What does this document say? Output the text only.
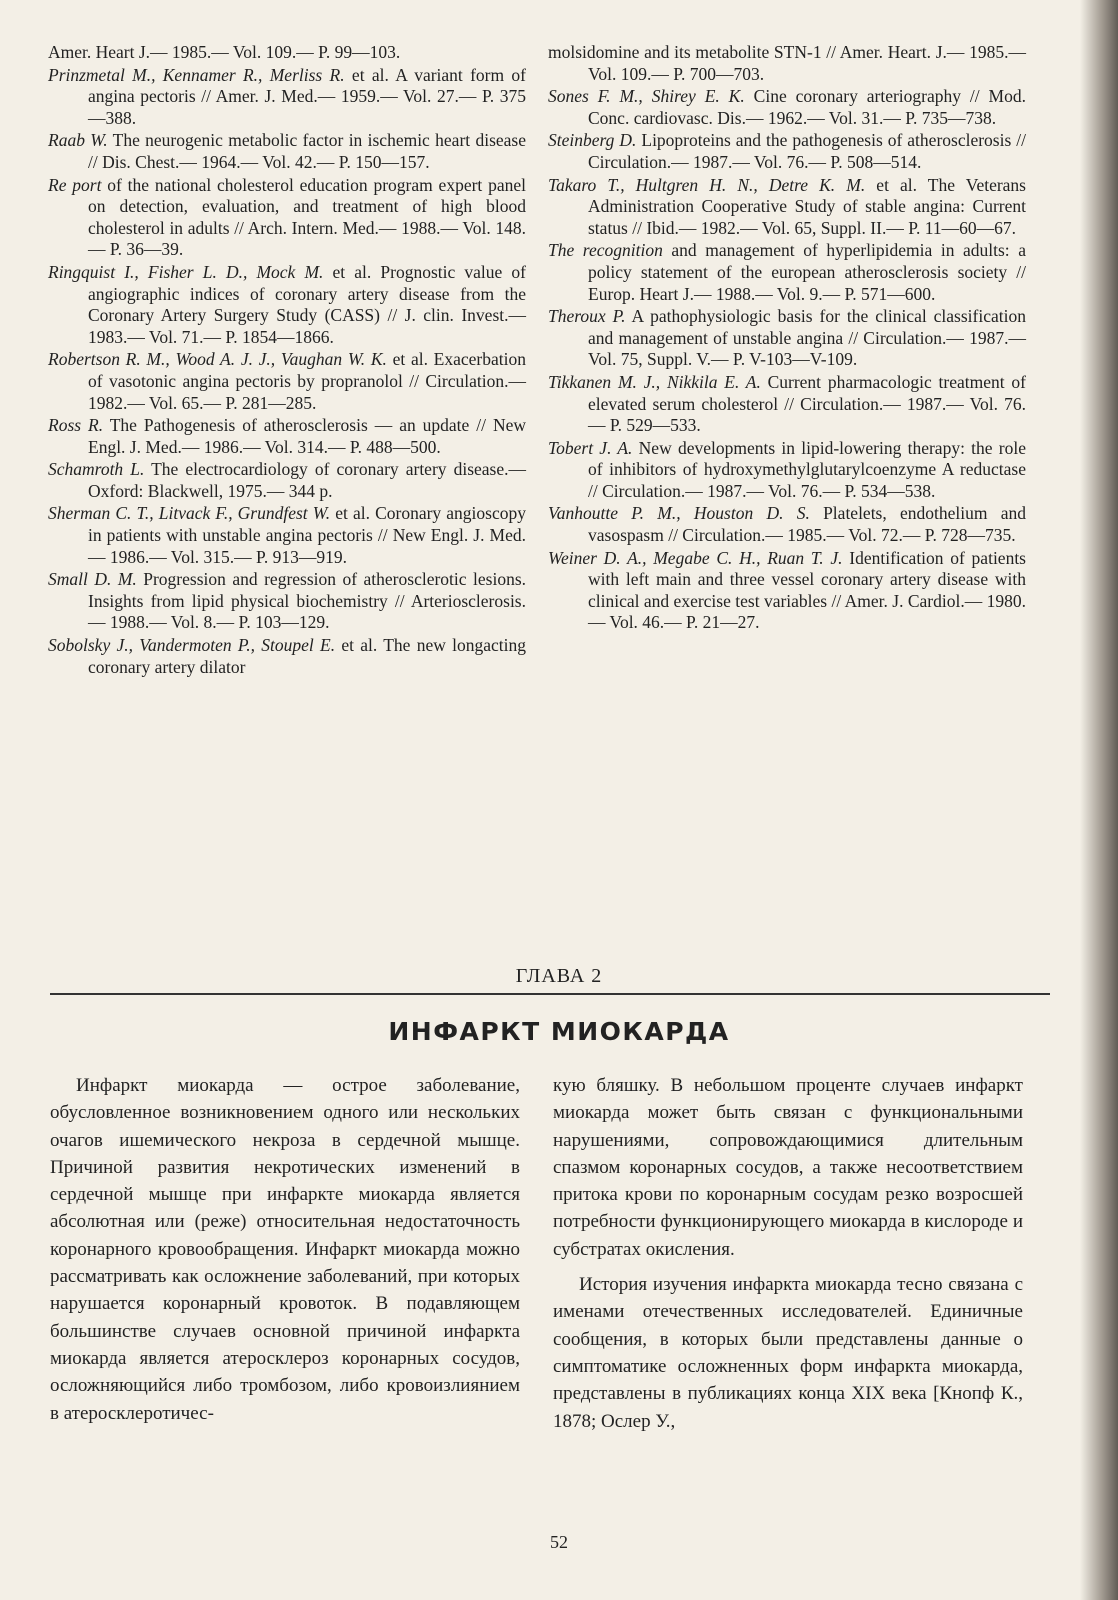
Amer. Heart J.— 1985.— Vol. 109.— P. 99—103.

Prinzmetal M., Kennamer R., Merliss R. et al. A variant form of angina pectoris // Amer. J. Med.— 1959.— Vol. 27.— P. 375—388.

Raab W. The neurogenic metabolic factor in ischemic heart disease // Dis. Chest.— 1964.— Vol. 42.— P. 150—157.

Re port of the national cholesterol education program expert panel on detection, evaluation, and treatment of high blood cholesterol in adults // Arch. Intern. Med.— 1988.— Vol. 148.— P. 36—39.

Ringquist I., Fisher L. D., Mock M. et al. Prognostic value of angiographic indices of coronary artery disease from the Coronary Artery Surgery Study (CASS) // J. clin. Invest.— 1983.— Vol. 71.— P. 1854—1866.

Robertson R. M., Wood A. J. J., Vaughan W. K. et al. Exacerbation of vasotonic angina pectoris by propranolol // Circulation.— 1982.— Vol. 65.— P. 281—285.

Ross R. The Pathogenesis of atherosclerosis — an update // New Engl. J. Med.— 1986.— Vol. 314.— P. 488—500.

Schamroth L. The electrocardiology of coronary artery disease.— Oxford: Blackwell, 1975.— 344 p.

Sherman C. T., Litvack F., Grundfest W. et al. Coronary angioscopy in patients with unstable angina pectoris // New Engl. J. Med.— 1986.— Vol. 315.— P. 913—919.

Small D. M. Progression and regression of atherosclerotic lesions. Insights from lipid physical biochemistry // Arteriosclerosis.— 1988.— Vol. 8.— P. 103—129.

Sobolsky J., Vandermoten P., Stoupel E. et al. The new longacting coronary artery dilator

molsidomine and its metabolite STN-1 // Amer. Heart. J.— 1985.— Vol. 109.— P. 700—703.

Sones F. M., Shirey E. K. Cine coronary arteriography // Mod. Conc. cardiovasc. Dis.— 1962.— Vol. 31.— P. 735—738.

Steinberg D. Lipoproteins and the pathogenesis of atherosclerosis // Circulation.— 1987.— Vol. 76.— P. 508—514.

Takaro T., Hultgren H. N., Detre K. M. et al. The Veterans Administration Cooperative Study of stable angina: Current status // Ibid.— 1982.— Vol. 65, Suppl. II.— P. 11—60—67.

The recognition and management of hyperlipidemia in adults: a policy statement of the european atherosclerosis society // Europ. Heart J.— 1988.— Vol. 9.— P. 571—600.

Theroux P. A pathophysiologic basis for the clinical classification and management of unstable angina // Circulation.— 1987.— Vol. 75, Suppl. V.— P. V-103—V-109.

Tikkanen M. J., Nikkila E. A. Current pharmacologic treatment of elevated serum cholesterol // Circulation.— 1987.— Vol. 76.— P. 529—533.

Tobert J. A. New developments in lipid-lowering therapy: the role of inhibitors of hydroxymethylglutarylcoenzyme A reductase // Circulation.— 1987.— Vol. 76.— P. 534—538.

Vanhoutte P. M., Houston D. S. Platelets, endothelium and vasospasm // Circulation.— 1985.— Vol. 72.— P. 728—735.

Weiner D. A., Megabe C. H., Ruan T. J. Identification of patients with left main and three vessel coronary artery disease with clinical and exercise test variables // Amer. J. Cardiol.— 1980.— Vol. 46.— P. 21—27.

ГЛАВА 2
ИНФАРКТ МИОКАРДА

Инфаркт миокарда — острое заболевание, обусловленное возникновением одного или нескольких очагов ишемического некроза в сердечной мышце. Причиной развития некротических изменений в сердечной мышце при инфаркте миокарда является абсолютная или (реже) относительная недостаточность коронарного кровообращения. Инфаркт миокарда можно рассматривать как осложнение заболеваний, при которых нарушается коронарный кровоток. В подавляющем большинстве случаев основной причиной инфаркта миокарда является атеросклероз коронарных сосудов, осложняющийся либо тромбозом, либо кровоизлиянием в атеросклеротичес-

кую бляшку. В небольшом проценте случаев инфаркт миокарда может быть связан с функциональными нарушениями, сопровождающимися длительным спазмом коронарных сосудов, а также несоответствием притока крови по коронарным сосудам резко возросшей потребности функционирующего миокарда в кислороде и субстратах окисления.

История изучения инфаркта миокарда тесно связана с именами отечественных исследователей. Единичные сообщения, в которых были представлены данные о симптоматике осложненных форм инфаркта миокарда, представлены в публикациях конца XIX века [Кнопф К., 1878; Ослер У.,

52
